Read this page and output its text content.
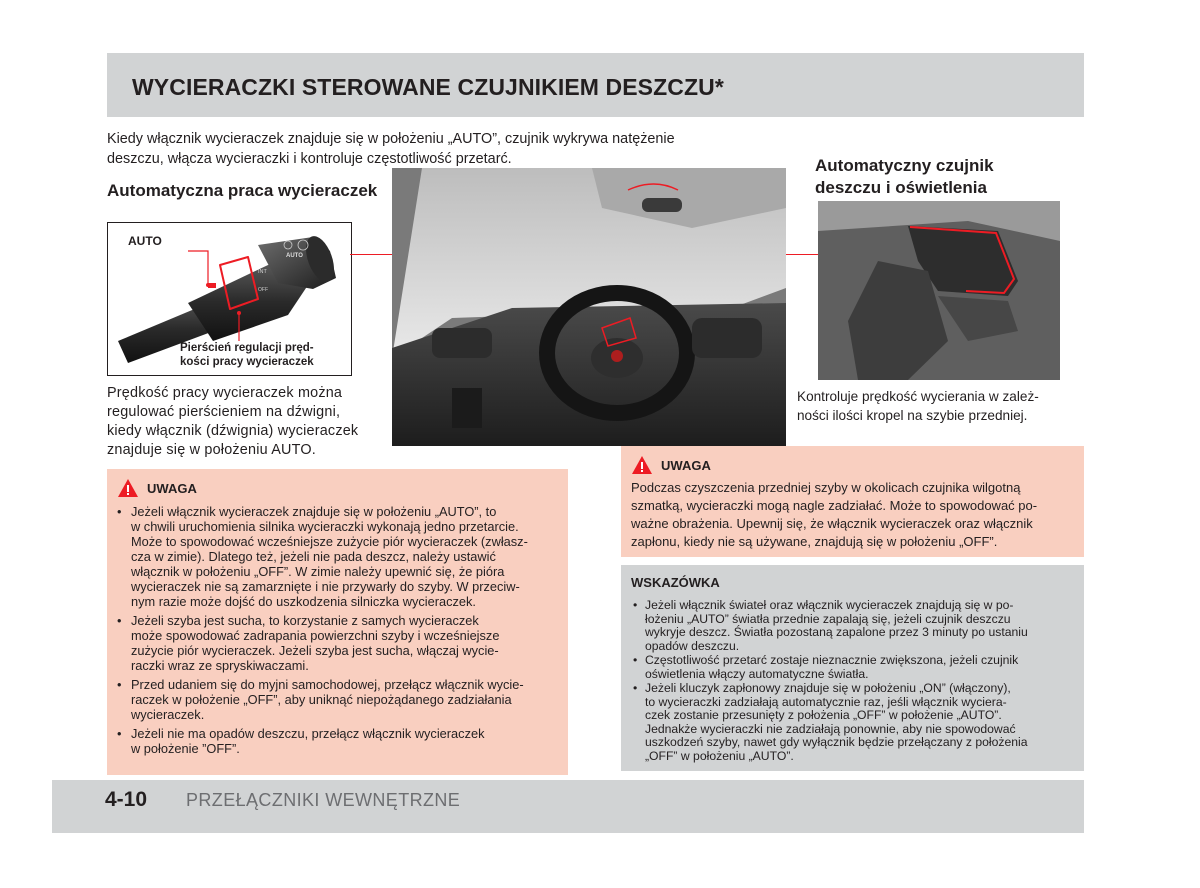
WYCIERACZKI STEROWANE CZUJNIKIEM DESZCZU*

Kiedy włącznik wycieraczek znajduje się w położeniu „AUTO”, czujnik wykrywa natężenie

deszczu, włącza wycieraczki i kontroluje częstotliwość przetarć.

Automatyczna praca wycieraczek
Automatyczny czujnik
deszczu i oświetlenia
INT
AUTO
OFF
AUTO
Pierścień regulacji pręd-
kości pracy wycieraczek
Prędkość pracy wycieraczek można
regulować pierścieniem na dźwigni,
kiedy włącznik (dźwignia) wycieraczek
znajduje się w położeniu AUTO.
Kontroluje prędkość wycierania w zależ-
ności ilości kropel na szybie przedniej.
UWAGA
• Jeżeli włącznik wycieraczek znajduje się w położeniu „AUTO”, to
w chwili uruchomienia silnika wycieraczki wykonają jedno przetarcie.
Może to spowodować wcześniejsze zużycie piór wycieraczek (zwłasz-
cza w zimie). Dlatego też, jeżeli nie pada deszcz, należy ustawić
włącznik w położeniu „OFF”. W zimie należy upewnić się, że pióra
wycieraczek nie są zamarznięte i nie przywarły do szyby. W przeciw-
nym razie może dojść do uszkodzenia silniczka wycieraczek.
• Jeżeli szyba jest sucha, to korzystanie z samych wycieraczek
może spowodować zadrapania powierzchni szyby i wcześniejsze
zużycie piór wycieraczek. Jeżeli szyba jest sucha, włączaj wycie-
raczki wraz ze spryskiwaczami.
• Przed udaniem się do myjni samochodowej, przełącz włącznik wycie-
raczek w położenie „OFF”, aby uniknąć niepożądanego zadziałania
wycieraczek.
• Jeżeli nie ma opadów deszczu, przełącz włącznik wycieraczek
w położenie ”OFF”.
UWAGA

Podczas czyszczenia przedniej szyby w okolicach czujnika wilgotną
szmatką, wycieraczki mogą nagle zadziałać. Może to spowodować po-
ważne obrażenia. Upewnij się, że włącznik wycieraczek oraz włącznik
zapłonu, kiedy nie są używane, znajdują się w położeniu „OFF”.

WSKAZÓWKA

• Jeżeli włącznik świateł oraz włącznik wycieraczek znajdują się w po-
łożeniu „AUTO” światła przednie zapalają się, jeżeli czujnik deszczu
wykryje deszcz. Światła pozostaną zapalone przez 3 minuty po ustaniu
opadów deszczu.
• Częstotliwość przetarć zostaje nieznacznie zwiększona, jeżeli czujnik
oświetlenia włączy automatyczne światła.
• Jeżeli kluczyk zapłonowy znajduje się w położeniu „ON” (włączony),
to wycieraczki zadziałają automatycznie raz, jeśli włącznik wyciera-
czek zostanie przesunięty z położenia „OFF” w położenie „AUTO”.
Jednakże wycieraczki nie zadziałają ponownie, aby nie spowodować
uszkodzeń szyby, nawet gdy wyłącznik będzie przełączany z położenia
„OFF” w położeniu „AUTO”.
4-10 PRZEŁĄCZNIKI WEWNĘTRZNE
